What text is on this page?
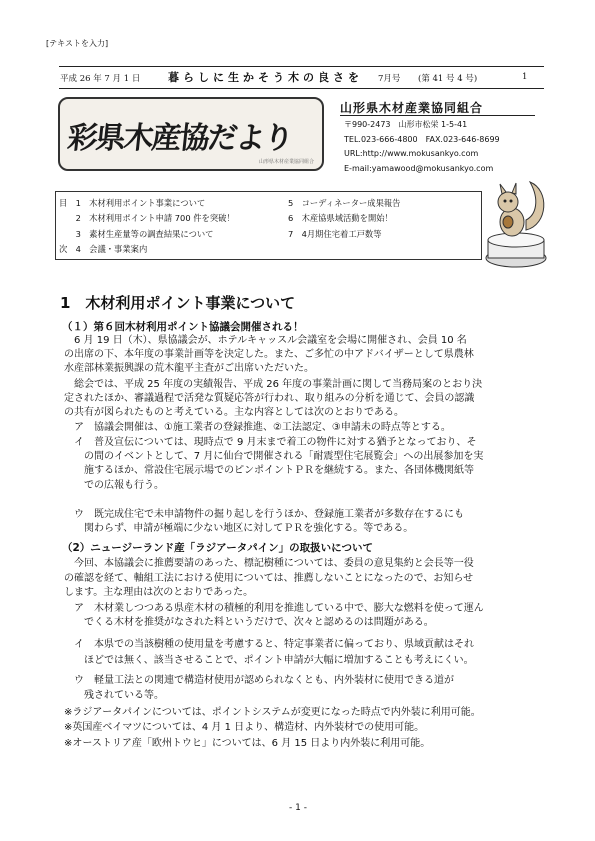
[テキストを入力]
平成 26 年 7 月 1 日	暮らしに生かそう木の良さを 7月号 (第 41 号 4 号)	1
彩県木産協だより
山形県木材産業協同組合
山形県木材産業協同組合
〒990-2473　山形市松栄 1-5-41
TEL.023-666-4800　FAX.023-646-8699
URL:http://www.mokusankyo.com
E-mail:yamawood@mokusankyo.com
目　1　木材利用ポイント事業について
　　2　木材利用ポイント申請 700 件を突破！
　　3　素材生産量等の調査結果について
次　4　会議・事業案内
5　コーディネーター成果報告
6　木産協県域活動を開始！
7　4月期住宅着工戸数等
1　木材利用ポイント事業について
（１）第６回木材利用ポイント協議会開催される！
　6 月 19 日（木）、県協議会が、ホテルキャッスル会議室を会場に開催され、会員 10 名
の出席の下、本年度の事業計画等を決定した。また、ご多忙の中アドバイザーとして県農林
水産部林業振興課の荒木龍平主査がご出席いただいた。
　総会では、平成 25 年度の実績報告、平成 26 年度の事業計画に関して当務局案のとおり決
定されたほか、審議過程で活発な質疑応答が行われ、取り組みの分析を通じて、会員の認識
の共有が図られたものと考えている。主な内容としては次のとおりである。
　ア　協議会開催は、①施工業者の登録推進、②工法認定、③申請未の時点等とする。
　イ　普及宣伝については、現時点で 9 月末まで着工の物件に対する猶予となっており、そ
　　の間のイベントとして、7 月に仙台で開催される「耐震型住宅展覧会」への出展参加を実
　　施するほか、常設住宅展示場でのピンポイントＰＲを継続する。また、各団体機関紙等
　　での広報も行う。
　ウ　既完成住宅で未申請物件の掘り起しを行うほか、登録施工業者が多数存在するにも
　　関わらず、申請が極端に少ない地区に対してＰＲを強化する。等である。
（2）ニュージーランド産「ラジアータパイン」の取扱いについて
　今回、本協議会に推薦要請のあった、標記樹種については、委員の意見集約と会長等一役
の確認を経て、軸組工法における使用については、推薦しないことになったので、お知らせ
します。主な理由は次のとおりであった。
　ア　木材業しつつある県産木材の積極的利用を推進している中で、膨大な燃料を使って運ん
　　でくる木材を推奨がなされた料というだけで、次々と認めるのは問題がある。
　イ　本県での当該樹種の使用量を考慮すると、特定事業者に偏っており、県域貢献はそれ
　　ほどでは無く、該当させることで、ポイント申請が大幅に増加することも考えにくい。
　ウ　軽量工法との関連で構造材使用が認められなくとも、内外装材に使用できる道が
　　残されている等。
※ラジアータパインについては、ポイントシステムが変更になった時点で内外装に利用可能。
※英国産ベイマツについては、4 月 1 日より、構造材、内外装材での使用可能。
※オーストリア産「欧州トウヒ」については、6 月 15 日より内外装に利用可能。
- 1 -
